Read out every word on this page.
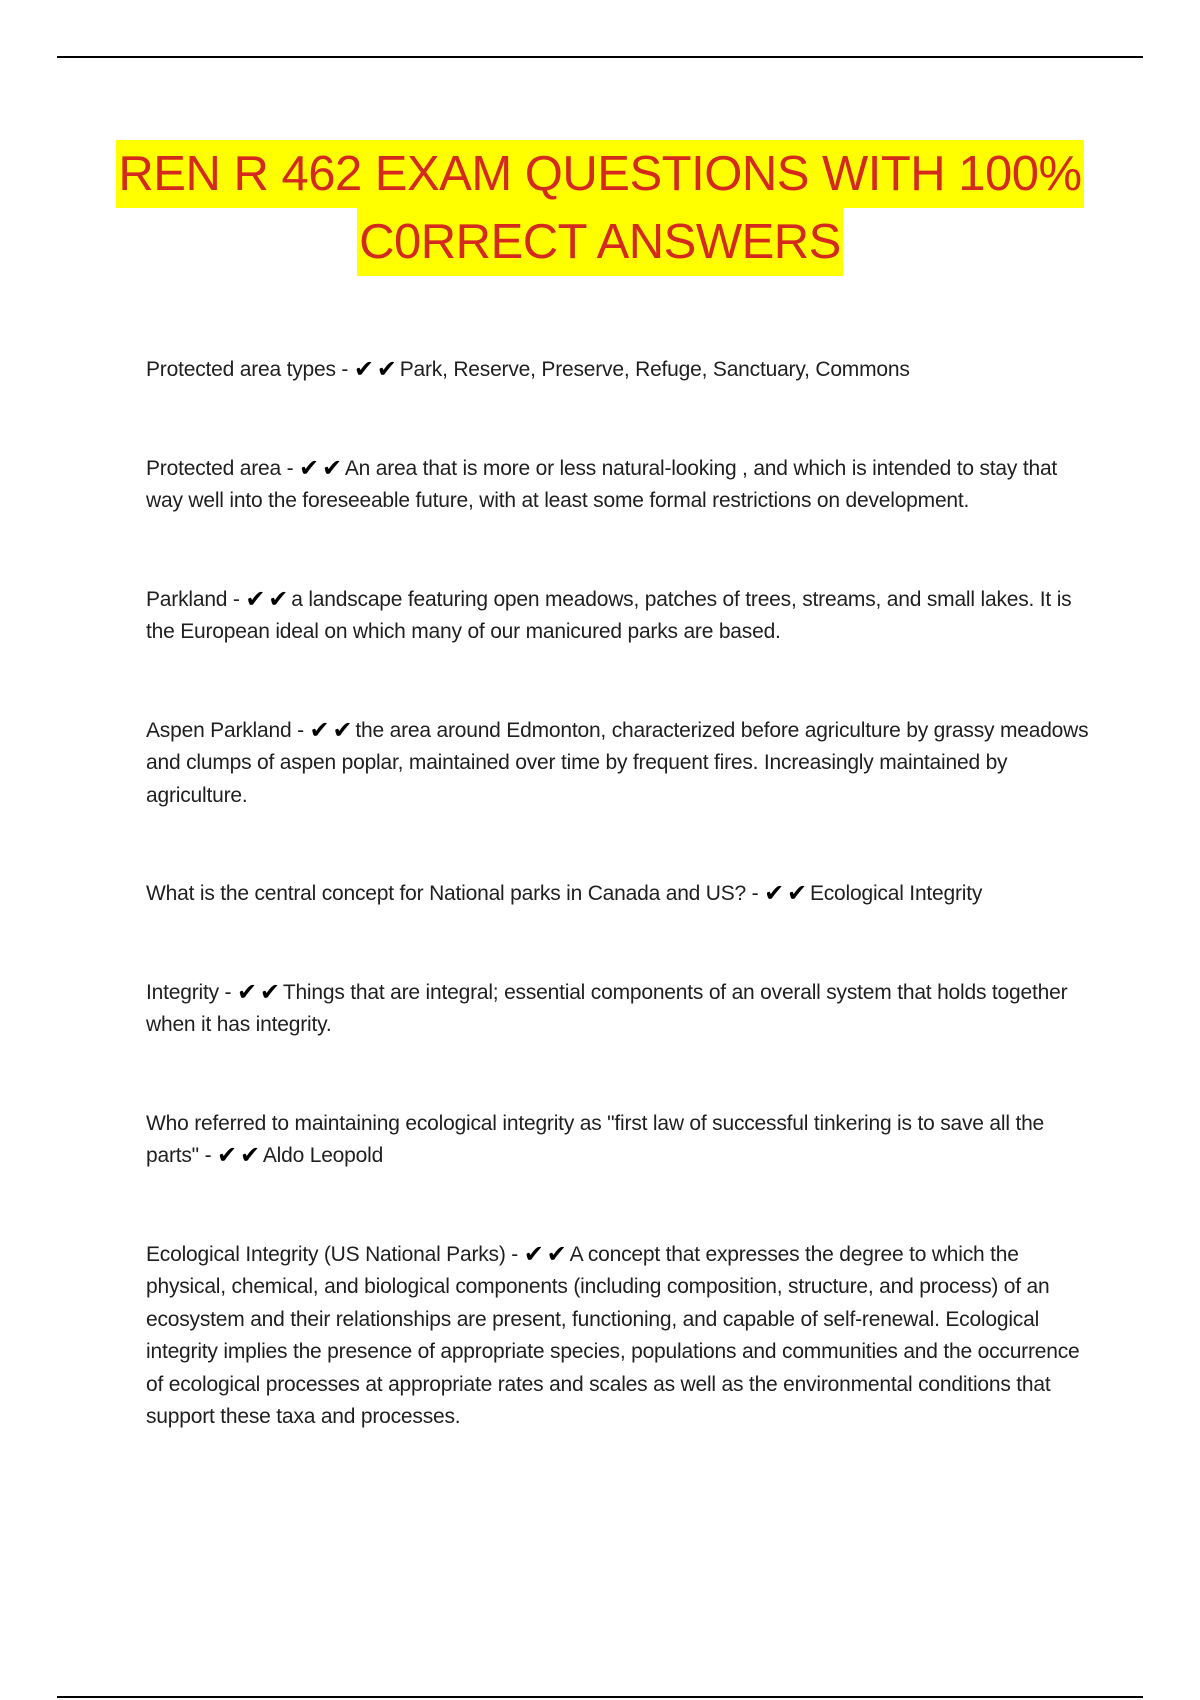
REN R 462 EXAM QUESTIONS WITH 100%
C0RRECT ANSWERS

Protected area types - ✔ ✔ Park, Reserve, Preserve, Refuge, Sanctuary, Commons

Protected area - ✔ ✔ An area that is more or less natural-looking , and which is intended to stay that way well into the foreseeable future, with at least some formal restrictions on development.

Parkland - ✔ ✔ a landscape featuring open meadows, patches of trees, streams, and small lakes. It is the European ideal on which many of our manicured parks are based.

Aspen Parkland - ✔ ✔ the area around Edmonton, characterized before agriculture by grassy meadows and clumps of aspen poplar, maintained over time by frequent fires. Increasingly maintained by agriculture.

What is the central concept for National parks in Canada and US? - ✔ ✔ Ecological Integrity

Integrity - ✔ ✔ Things that are integral; essential components of an overall system that holds together when it has integrity.

Who referred to maintaining ecological integrity as "first law of successful tinkering is to save all the parts" - ✔ ✔ Aldo Leopold

Ecological Integrity (US National Parks) - ✔ ✔ A concept that expresses the degree to which the physical, chemical, and biological components (including composition, structure, and process) of an ecosystem and their relationships are present, functioning, and capable of self-renewal. Ecological integrity implies the presence of appropriate species, populations and communities and the occurrence of ecological processes at appropriate rates and scales as well as the environmental conditions that support these taxa and processes.
